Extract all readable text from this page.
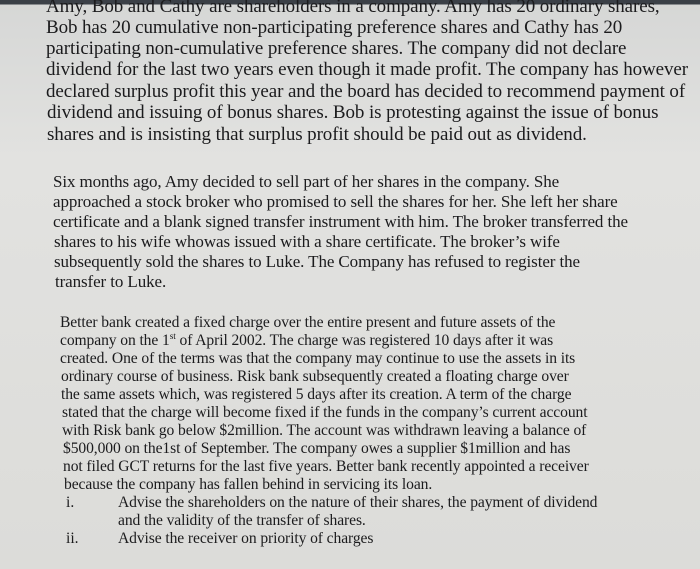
Amy, Bob and Cathy are shareholders in a company. Amy has 20 ordinary shares,
Bob has 20 cumulative non-participating preference shares and Cathy has 20
participating non-cumulative preference shares. The company did not declare
dividend for the last two years even though it made profit. The company has however
declared surplus profit this year and the board has decided to recommend payment of
dividend and issuing of bonus shares. Bob is protesting against the issue of bonus
shares and is insisting that surplus profit should be paid out as dividend.
Six months ago, Amy decided to sell part of her shares in the company. She
approached a stock broker who promised to sell the shares for her. She left her share
certificate and a blank signed transfer instrument with him. The broker transferred the
shares to his wife whowas issued with a share certificate. The broker’s wife
subsequently sold the shares to Luke. The Company has refused to register the
transfer to Luke.
Better bank created a fixed charge over the entire present and future assets of the
company on the 1st of April 2002. The charge was registered 10 days after it was
created. One of the terms was that the company may continue to use the assets in its
ordinary course of business. Risk bank subsequently created a floating charge over
the same assets which, was registered 5 days after its creation. A term of the charge
stated that the charge will become fixed if the funds in the company’s current account
with Risk bank go below $2million. The account was withdrawn leaving a balance of
$500,000 on the1st of September. The company owes a supplier $1million and has
not filed GCT returns for the last five years. Better bank recently appointed a receiver
because the company has fallen behind in servicing its loan.
i.	Advise the shareholders on the nature of their shares, the payment of dividend
and the validity of the transfer of shares.
ii.	Advise the receiver on priority of charges
